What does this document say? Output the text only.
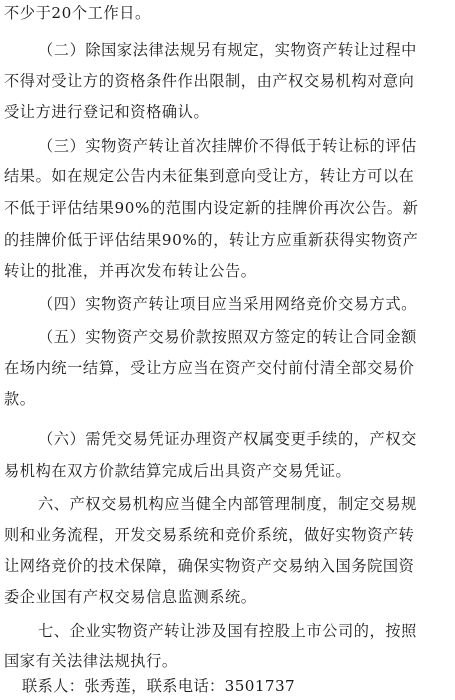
不少于20个工作日。
（二）除国家法律法规另有规定，实物资产转让过程中
不得对受让方的资格条件作出限制，由产权交易机构对意向
受让方进行登记和资格确认。
（三）实物资产转让首次挂牌价不得低于转让标的评估
结果。如在规定公告内未征集到意向受让方，转让方可以在
不低于评估结果90%的范围内设定新的挂牌价再次公告。新
的挂牌价低于评估结果90%的，转让方应重新获得实物资产
转让的批准，并再次发布转让公告。
（四）实物资产转让项目应当采用网络竞价交易方式。
（五）实物资产交易价款按照双方签定的转让合同金额
在场内统一结算，受让方应当在资产交付前付清全部交易价
款。
（六）需凭交易凭证办理资产权属变更手续的，产权交
易机构在双方价款结算完成后出具资产交易凭证。
六、产权交易机构应当健全内部管理制度，制定交易规
则和业务流程，开发交易系统和竞价系统，做好实物资产转
让网络竞价的技术保障，确保实物资产交易纳入国务院国资
委企业国有产权交易信息监测系统。
七、企业实物资产转让涉及国有控股上市公司的，按照
国家有关法律法规执行。
联系人：张秀莲，联系电话：3501737
